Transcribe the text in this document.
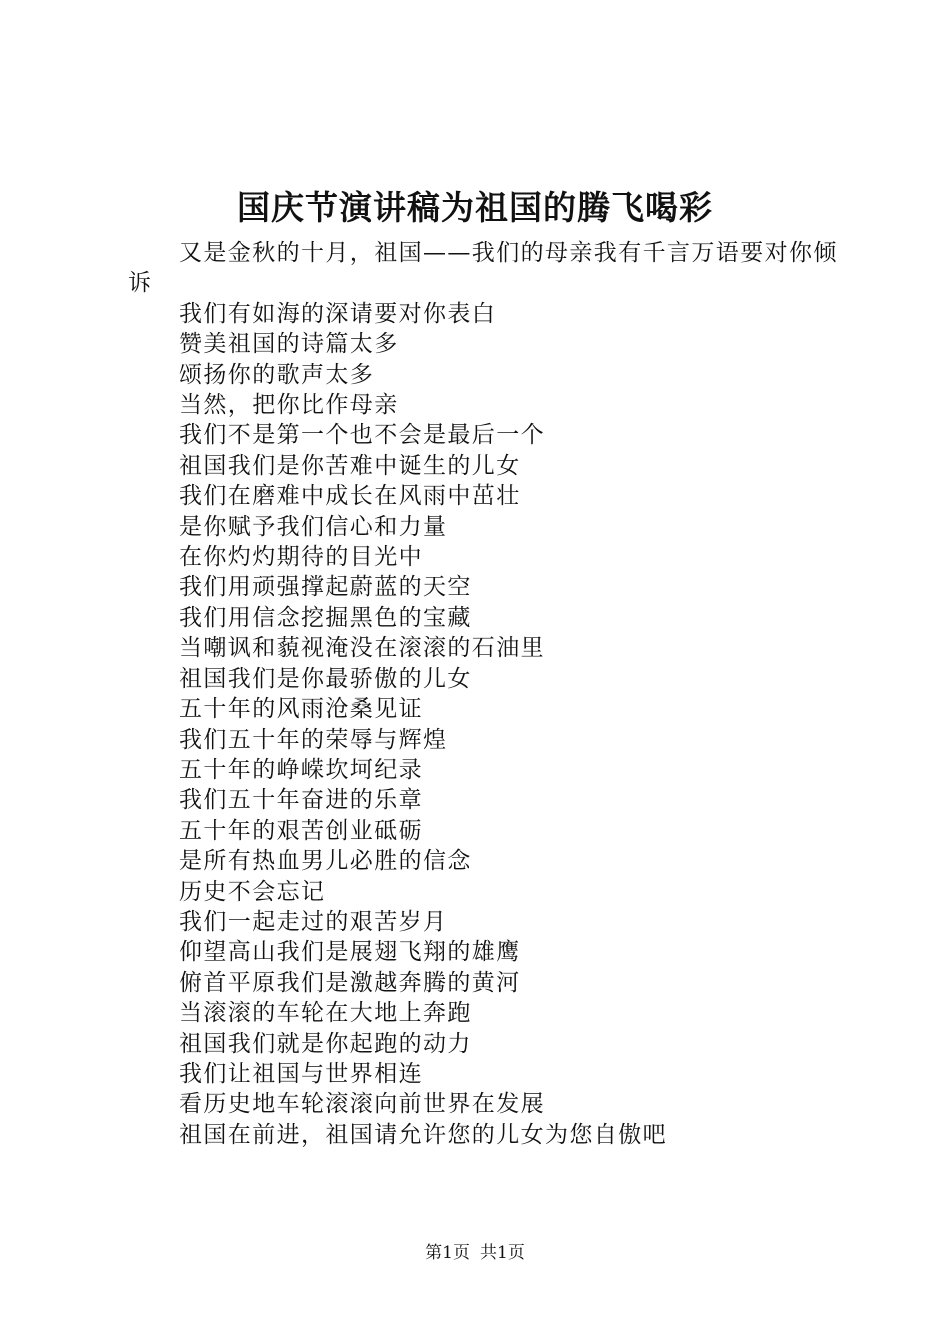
国庆节演讲稿为祖国的腾飞喝彩

又是金秋的十月，祖国——我们的母亲我有千言万语要对你倾诉

我们有如海的深请要对你表白

赞美祖国的诗篇太多

颂扬你的歌声太多

当然，把你比作母亲

我们不是第一个也不会是最后一个

祖国我们是你苦难中诞生的儿女

我们在磨难中成长在风雨中茁壮

是你赋予我们信心和力量

在你灼灼期待的目光中

我们用顽强撑起蔚蓝的天空

我们用信念挖掘黑色的宝藏

当嘲讽和藐视淹没在滚滚的石油里

祖国我们是你最骄傲的儿女

五十年的风雨沧桑见证

我们五十年的荣辱与辉煌

五十年的峥嵘坎坷纪录

我们五十年奋进的乐章

五十年的艰苦创业砥砺

是所有热血男儿必胜的信念

历史不会忘记

我们一起走过的艰苦岁月

仰望高山我们是展翅飞翔的雄鹰

俯首平原我们是激越奔腾的黄河

当滚滚的车轮在大地上奔跑

祖国我们就是你起跑的动力

我们让祖国与世界相连

看历史地车轮滚滚向前世界在发展

祖国在前进，祖国请允许您的儿女为您自傲吧

第1页 共1页
